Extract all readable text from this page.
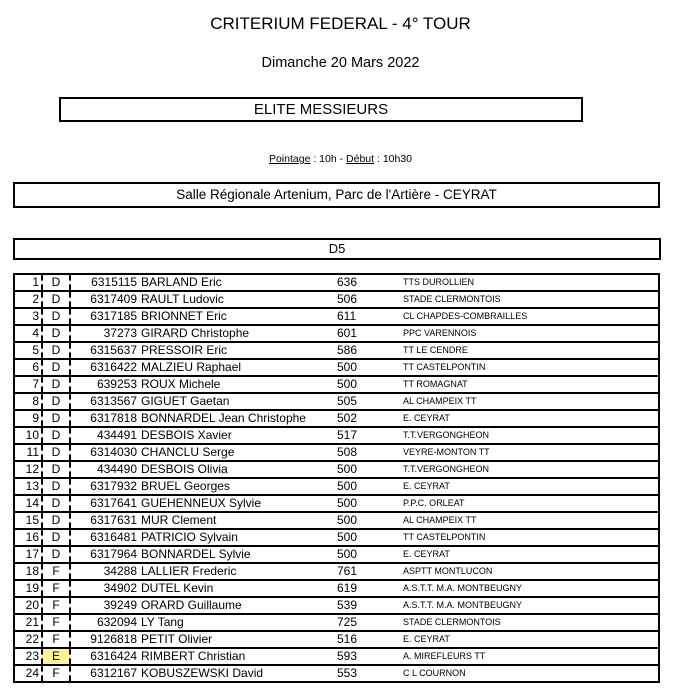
CRITERIUM FEDERAL - 4° TOUR
Dimanche 20 Mars 2022
ELITE MESSIEURS
Pointage : 10h - Début : 10h30
Salle Régionale Artenium, Parc de l'Artière - CEYRAT
D5
1	D	6315115	BARLAND Eric	636	TTS DUROLLIEN
2	D	6317409	RAULT Ludovic	506	STADE CLERMONTOIS
3	D	6317185	BRIONNET Eric	611	CL CHAPDES-COMBRAILLES
4	D	37273	GIRARD Christophe	601	PPC VARENNOIS
5	D	6315637	PRESSOIR Eric	586	TT LE CENDRE
6	D	6316422	MALZIEU Raphael	500	TT CASTELPONTIN
7	D	639253	ROUX Michele	500	TT ROMAGNAT
8	D	6313567	GIGUET Gaetan	505	AL CHAMPEIX TT
9	D	6317818	BONNARDEL Jean Christophe	502	E. CEYRAT
10	D	434491	DESBOIS Xavier	517	T.T.VERGONGHEON
11	D	6314030	CHANCLU Serge	508	VEYRE-MONTON TT
12	D	434490	DESBOIS Olivia	500	T.T.VERGONGHEON
13	D	6317932	BRUEL Georges	500	E. CEYRAT
14	D	6317641	GUEHENNEUX Sylvie	500	P.P.C. ORLEAT
15	D	6317631	MUR Clement	500	AL CHAMPEIX TT
16	D	6316481	PATRICIO Sylvain	500	TT CASTELPONTIN
17	D	6317964	BONNARDEL Sylvie	500	E. CEYRAT
18	F	34288	LALLIER Frederic	761	ASPTT MONTLUCON
19	F	34902	DUTEL Kevin	619	A.S.T.T. M.A. MONTBEUGNY
20	F	39249	ORARD Guillaume	539	A.S.T.T. M.A. MONTBEUGNY
21	F	632094	LY Tang	725	STADE CLERMONTOIS
22	F	9126818	PETIT Olivier	516	E. CEYRAT
23	E	6316424	RIMBERT Christian	593	A. MIREFLEURS TT
24	F	6312167	KOBUSZEWSKI David	553	C L COURNON
